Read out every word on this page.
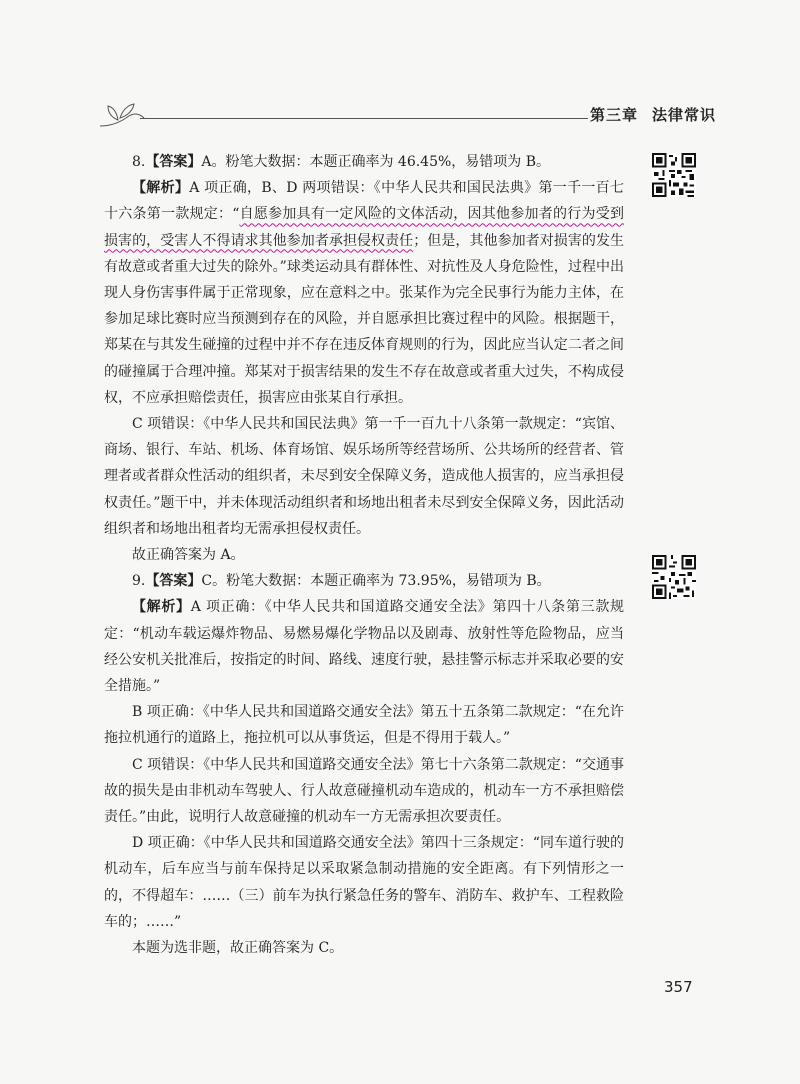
第三章 法律常识

8.【答案】A。粉笔大数据：本题正确率为 46.45%，易错项为 B。

【解析】A 项正确，B、D 两项错误：《中华人民共和国民法典》第一千一百七十六条第一款规定：“自愿参加具有一定风险的文体活动，因其他参加者的行为受到损害的，受害人不得请求其他参加者承担侵权责任；但是，其他参加者对损害的发生有故意或者重大过失的除外。”球类运动具有群体性、对抗性及人身危险性，过程中出现人身伤害事件属于正常现象，应在意料之中。张某作为完全民事行为能力主体，在参加足球比赛时应当预测到存在的风险，并自愿承担比赛过程中的风险。根据题干，郑某在与其发生碰撞的过程中并不存在违反体育规则的行为，因此应当认定二者之间的碰撞属于合理冲撞。郑某对于损害结果的发生不存在故意或者重大过失，不构成侵权，不应承担赔偿责任，损害应由张某自行承担。

C 项错误：《中华人民共和国民法典》第一千一百九十八条第一款规定：“宾馆、商场、银行、车站、机场、体育场馆、娱乐场所等经营场所、公共场所的经营者、管理者或者群众性活动的组织者，未尽到安全保障义务，造成他人损害的，应当承担侵权责任。”题干中，并未体现活动组织者和场地出租者未尽到安全保障义务，因此活动组织者和场地出租者均无需承担侵权责任。

故正确答案为 A。

9.【答案】C。粉笔大数据：本题正确率为 73.95%，易错项为 B。

【解析】A 项正确：《中华人民共和国道路交通安全法》第四十八条第三款规定：“机动车载运爆炸物品、易燃易爆化学物品以及剧毒、放射性等危险物品，应当经公安机关批准后，按指定的时间、路线、速度行驶，悬挂警示标志并采取必要的安全措施。”

B 项正确：《中华人民共和国道路交通安全法》第五十五条第二款规定：“在允许拖拉机通行的道路上，拖拉机可以从事货运，但是不得用于载人。”

C 项错误：《中华人民共和国道路交通安全法》第七十六条第二款规定：“交通事故的损失是由非机动车驾驶人、行人故意碰撞机动车造成的，机动车一方不承担赔偿责任。”由此，说明行人故意碰撞的机动车一方无需承担次要责任。

D 项正确：《中华人民共和国道路交通安全法》第四十三条规定：“同车道行驶的机动车，后车应当与前车保持足以采取紧急制动措施的安全距离。有下列情形之一的，不得超车：……（三）前车为执行紧急任务的警车、消防车、救护车、工程救险车的；……”

本题为选非题，故正确答案为 C。

357
